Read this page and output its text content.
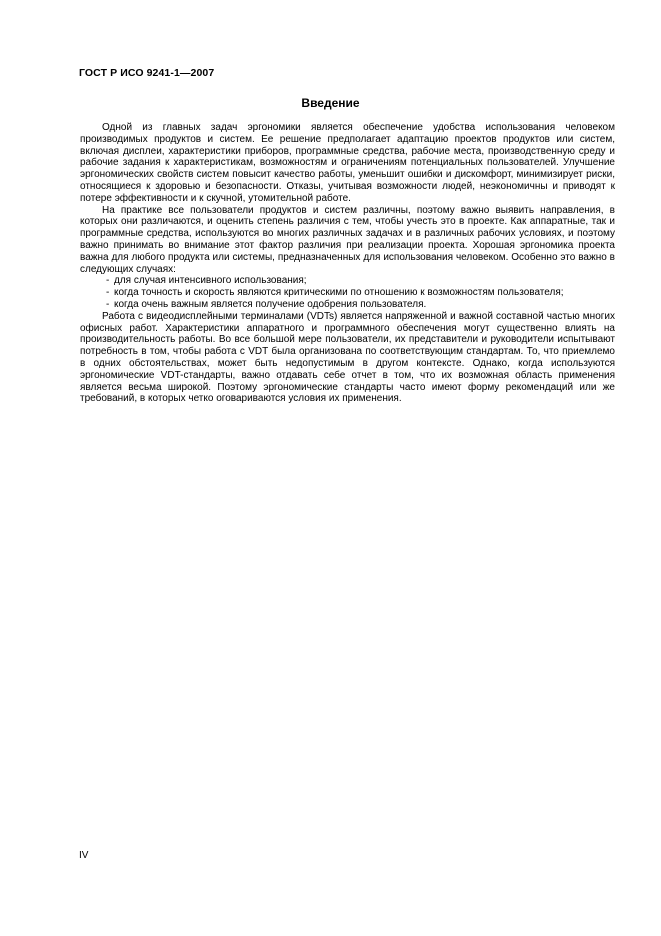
ГОСТ Р ИСО 9241-1—2007
Введение

Одной из главных задач эргономики является обеспечение удобства использования человеком производимых продуктов и систем. Ее решение предполагает адаптацию проектов продуктов или систем, включая дисплеи, характеристики приборов, программные средства, рабочие места, производственную среду и рабочие задания к характеристикам, возможностям и ограничениям потенциальных пользователей. Улучшение эргономических свойств систем повысит качество работы, уменьшит ошибки и дискомфорт, минимизирует риски, относящиеся к здоровью и безопасности. Отказы, учитывая возможности людей, неэкономичны и приводят к потере эффективности и к скучной, утомительной работе.

На практике все пользователи продуктов и систем различны, поэтому важно выявить направления, в которых они различаются, и оценить степень различия с тем, чтобы учесть это в проекте. Как аппаратные, так и программные средства, используются во многих различных задачах и в различных рабочих условиях, и поэтому важно принимать во внимание этот фактор различия при реализации проекта. Хорошая эргономика проекта важна для любого продукта или системы, предназначенных для использования человеком. Особенно это важно в следующих случаях:

- для случая интенсивного использования;
- когда точность и скорость являются критическими по отношению к возможностям пользователя;
- когда очень важным является получение одобрения пользователя.

Работа с видеодисплейными терминалами (VDTs) является напряженной и важной составной частью многих офисных работ. Характеристики аппаратного и программного обеспечения могут существенно влиять на производительность работы. Во все большой мере пользователи, их представители и руководители испытывают потребность в том, чтобы работа с VDT была организована по соответствующим стандартам. То, что приемлемо в одних обстоятельствах, может быть недопустимым в другом контексте. Однако, когда используются эргономические VDT-стандарты, важно отдавать себе отчет в том, что их возможная область применения является весьма широкой. Поэтому эргономические стандарты часто имеют форму рекомендаций или же требований, в которых четко оговариваются условия их применения.

IV
